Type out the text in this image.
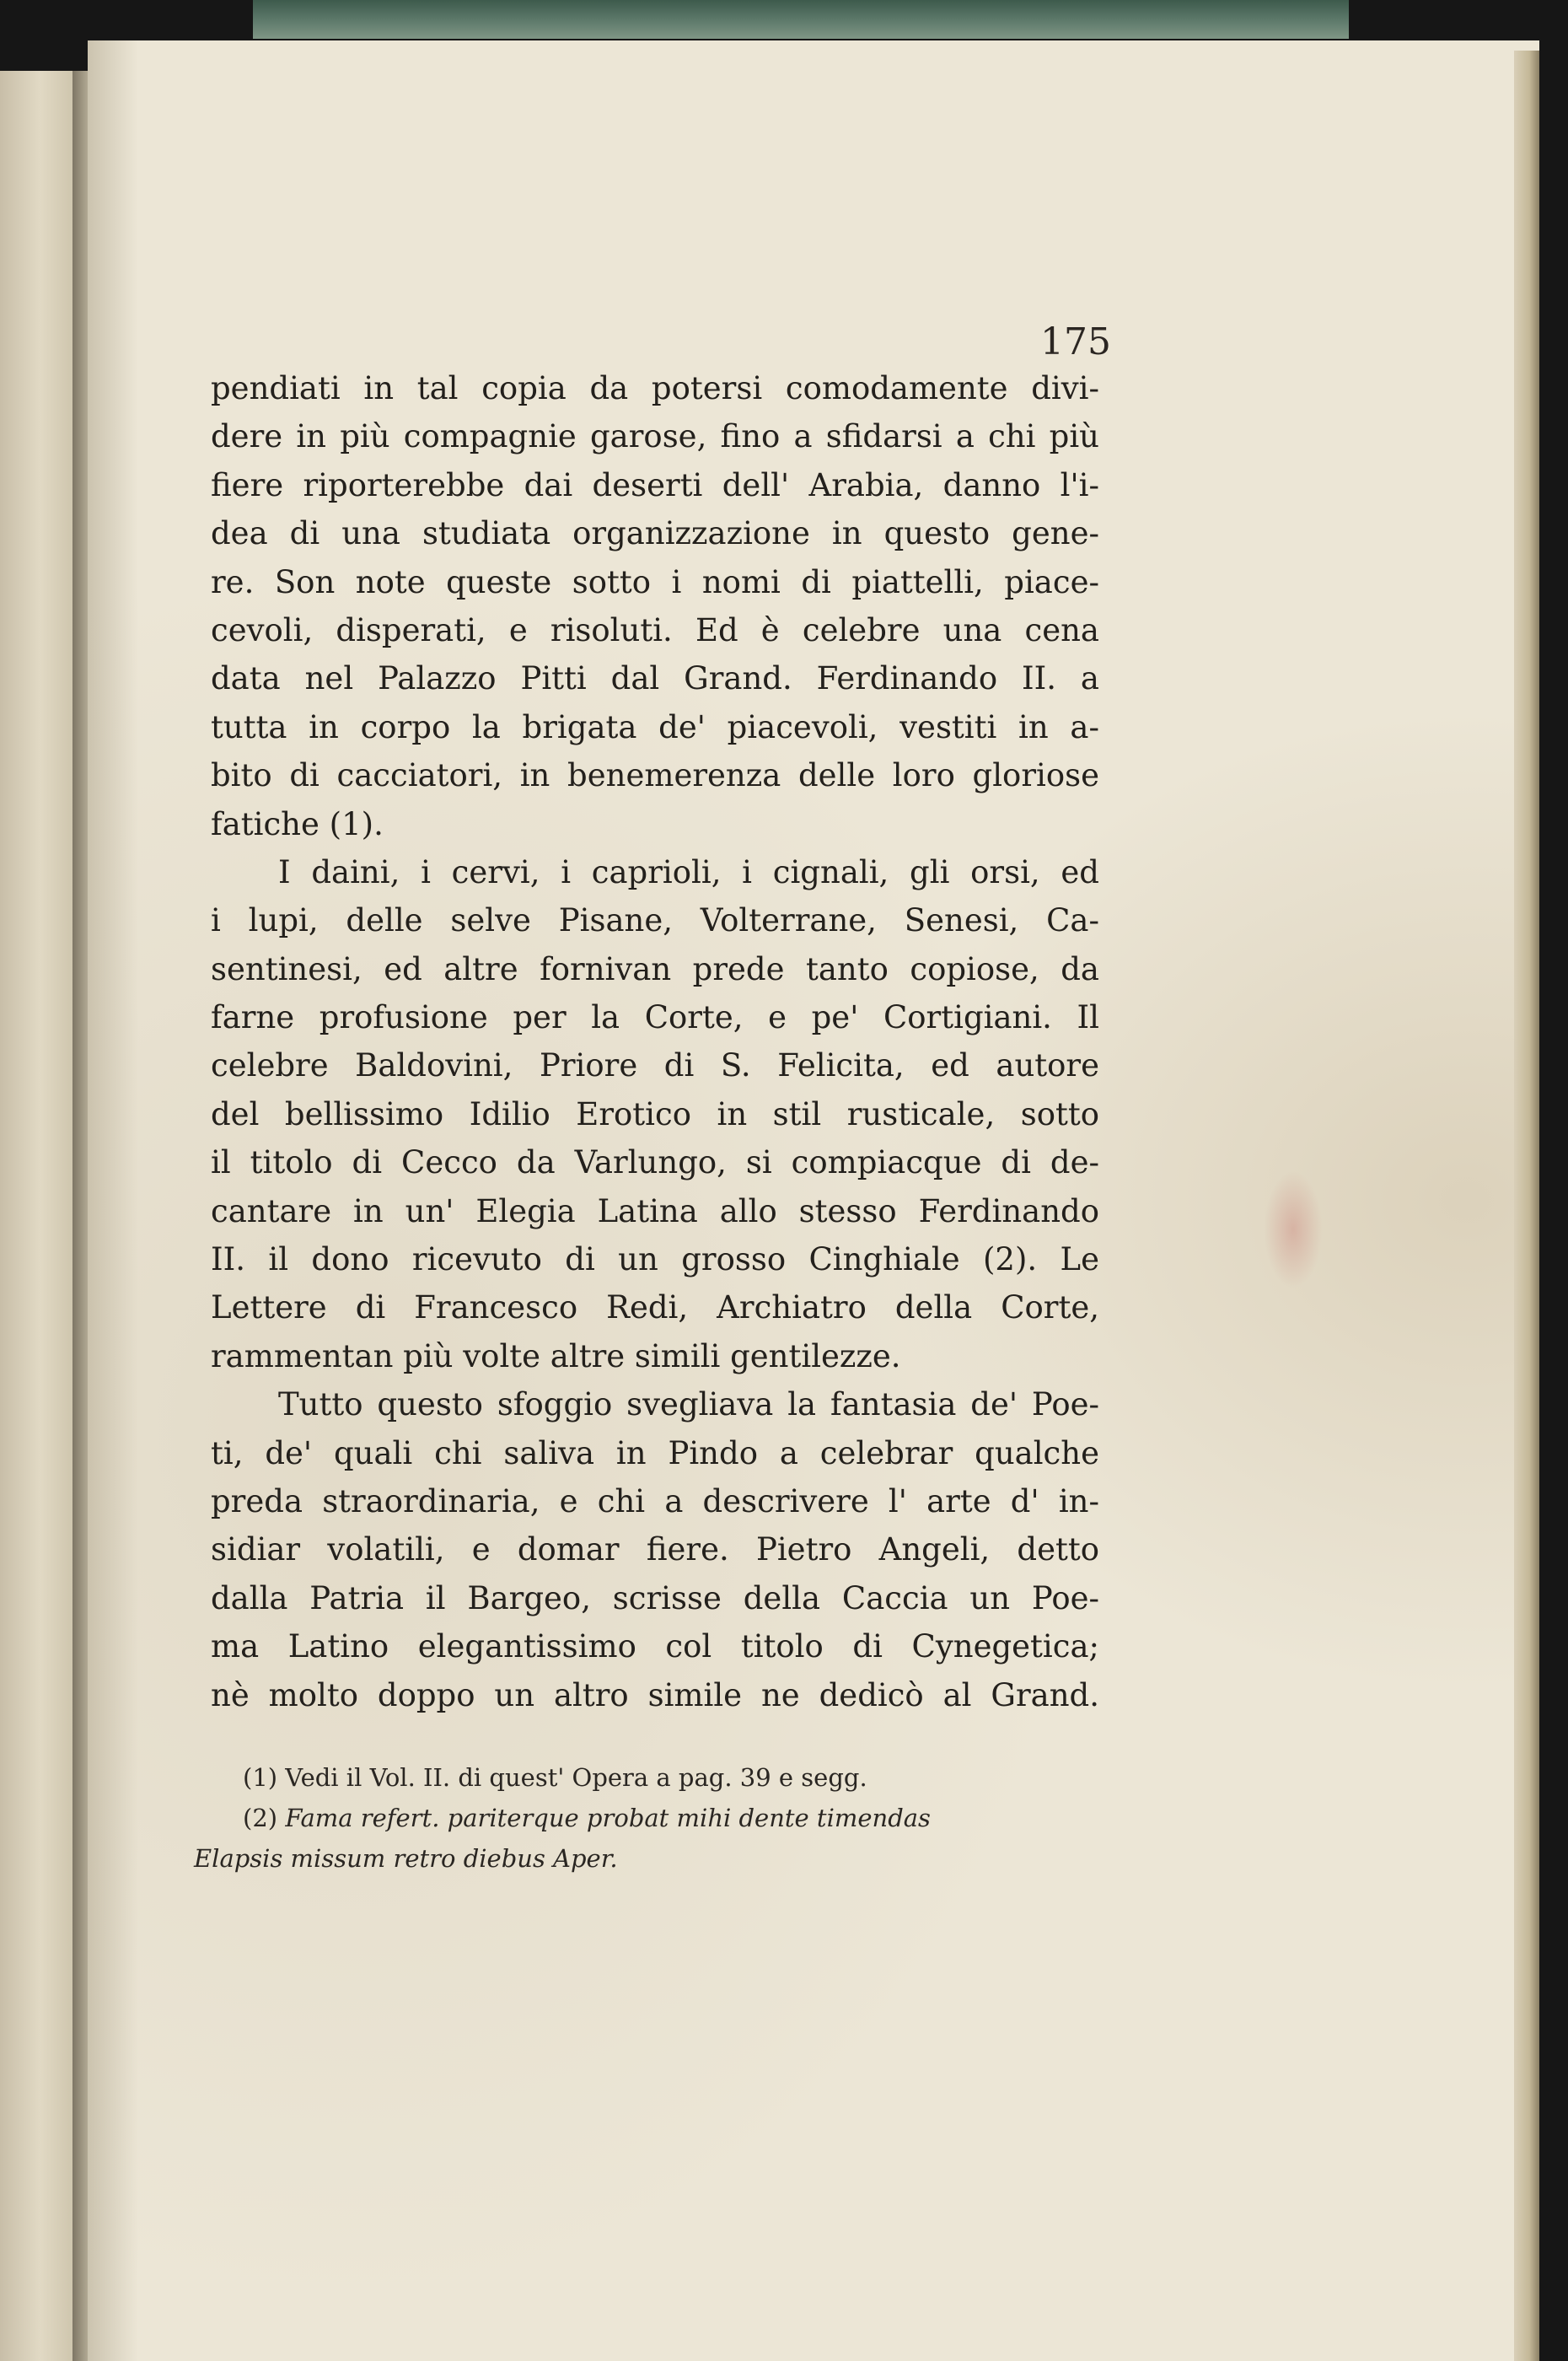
175
pendiati in tal copia da potersi comodamente divi-
dere in più compagnie garose, fino a sfidarsi a chi più
fiere riporterebbe dai deserti dell' Arabia, danno l'i-
dea di una studiata organizzazione in questo gene-
re. Son note queste sotto i nomi di piattelli, piace-
cevoli, disperati, e risoluti. Ed è celebre una cena
data nel Palazzo Pitti dal Grand. Ferdinando II. a
tutta in corpo la brigata de' piacevoli, vestiti in a-
bito di cacciatori, in benemerenza delle loro gloriose
fatiche (1).
I daini, i cervi, i caprioli, i cignali, gli orsi, ed
i lupi, delle selve Pisane, Volterrane, Senesi, Ca-
sentinesi, ed altre fornivan prede tanto copiose, da
farne profusione per la Corte, e pe' Cortigiani. Il
celebre Baldovini, Priore di S. Felicita, ed autore
del bellissimo Idilio Erotico in stil rusticale, sotto
il titolo di Cecco da Varlungo, si compiacque di de-
cantare in un' Elegia Latina allo stesso Ferdinando
II. il dono ricevuto di un grosso Cinghiale (2). Le
Lettere di Francesco Redi, Archiatro della Corte,
rammentan più volte altre simili gentilezze.
Tutto questo sfoggio svegliava la fantasia de' Poe-
ti, de' quali chi saliva in Pindo a celebrar qualche
preda straordinaria, e chi a descrivere l' arte d' in-
sidiar volatili, e domar fiere. Pietro Angeli, detto
dalla Patria il Bargeo, scrisse della Caccia un Poe-
ma Latino elegantissimo col titolo di Cynegetica;
nè molto doppo un altro simile ne dedicò al Grand.
(1) Vedi il Vol. II. di quest' Opera a pag. 39 e segg.
(2) Fama refert. pariterque probat mihi dente timendas
Elapsis missum retro diebus Aper.
